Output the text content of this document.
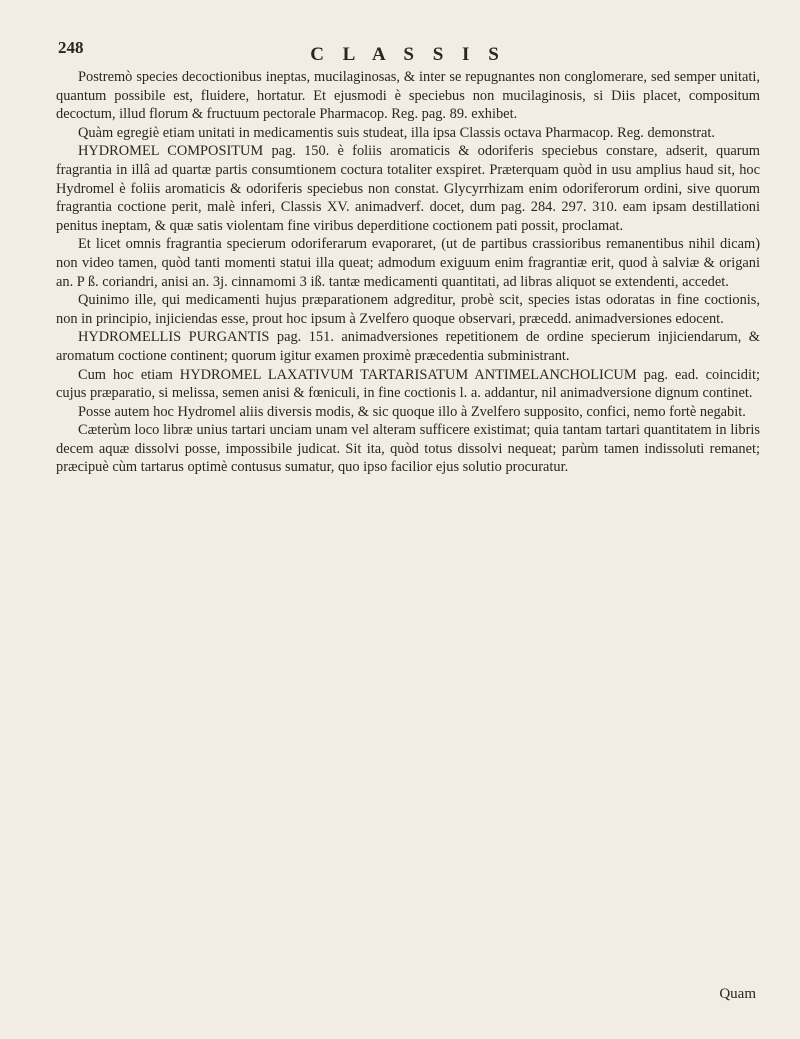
248	C L A S S I S

Postremò species decoctionibus ineptas, mucilaginosas, & inter se repugnantes non conglomerare, sed semper unitati, quantum possibile est, fluidere, hortatur. Et ejusmodi è speciebus non mucilaginosis, si Diis placet, compositum decoctum, illud florum & fructuum pectorale Pharmacop. Reg. pag. 89. exhibet.

Quàm egregiè etiam unitati in medicamentis suis studeat, illa ipsa Classis octava Pharmacop. Reg. demonstrat.

HYDROMEL COMPOSITUM pag. 150. è foliis aromaticis & odoriferis speciebus constare, adserit, quarum fragrantia in illâ ad quartæ partis consumtionem coctura totaliter exspiret. Præterquam quòd in usu amplius haud sit, hoc Hydromel è foliis aromaticis & odoriferis speciebus non constat. Glycyrrhizam enim odoriferorum ordini, sive quorum fragrantia coctione perit, malè inferi, Classis XV. animadverf. docet, dum pag. 284. 297. 310. eam ipsam destillationi penitus ineptam, & quæ satis violentam fine viribus deperditione coctionem pati possit, proclamat.

Et licet omnis fragrantia specierum odoriferarum evaporaret, (ut de partibus crassioribus remanentibus nihil dicam) non video tamen, quòd tanti momenti statui illa queat; admodum exiguum enim fragrantiæ erit, quod à salviæ & origani an. P ß. coriandri, anisi an. 3j. cinnamomi 3 iß. tantæ medicamenti quantitati, ad libras aliquot se extendenti, accedet.

Quinimo ille, qui medicamenti hujus præparationem adgreditur, probè scit, species istas odoratas in fine coctionis, non in principio, injiciendas esse, prout hoc ipsum à Zvelfero quoque observari, præcedd. animadversiones edocent.

HYDROMELLIS PURGANTIS pag. 151. animadversiones repetitionem de ordine specierum injiciendarum, & aromatum coctione continent; quorum igitur examen proximè præcedentia subministrant.

Cum hoc etiam HYDROMEL LAXATIVUM TARTARISATUM ANTIMELANCHOLICUM pag. ead. coincidit; cujus præparatio, si melissa, semen anisi & fœniculi, in fine coctionis l. a. addantur, nil animadversione dignum continet.

Posse autem hoc Hydromel aliis diversis modis, & sic quoque illo à Zvelfero supposito, confici, nemo fortè negabit.

Cæterùm loco libræ unius tartari unciam unam vel alteram sufficere existimat; quia tantam tartari quantitatem in libris decem aquæ dissolvi posse, impossibile judicat. Sit ita, quòd totus dissolvi nequeat; parùm tamen indissoluti remanet; præcipuè cùm tartarus optimè contusus sumatur, quo ipso facilior ejus solutio procuratur.

Quam
